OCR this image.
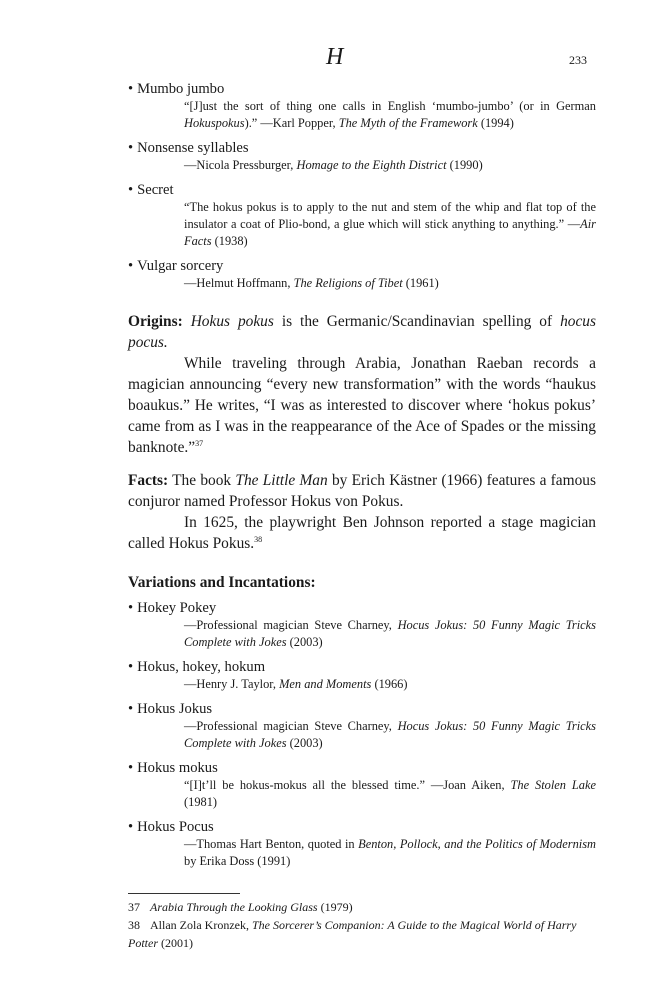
H	233
• Mumbo jumbo
“[J]ust the sort of thing one calls in English ‘mumbo-jumbo’ (or in German Hokuspokus).” —Karl Popper, The Myth of the Framework (1994)
• Nonsense syllables
—Nicola Pressburger, Homage to the Eighth District (1990)
• Secret
“The hokus pokus is to apply to the nut and stem of the whip and flat top of the insulator a coat of Plio-bond, a glue which will stick anything to anything.” —Air Facts (1938)
• Vulgar sorcery
—Helmut Hoffmann, The Religions of Tibet (1961)
Origins: Hokus pokus is the Germanic/Scandinavian spelling of hocus pocus.
While traveling through Arabia, Jonathan Raeban records a magician announcing “every new transformation” with the words “haukus boaukus.” He writes, “I was as interested to discover where ‘hokus pokus’ came from as I was in the reappearance of the Ace of Spades or the missing banknote.”$^{37}$
Facts: The book The Little Man by Erich Kästner (1966) features a famous conjuror named Professor Hokus von Pokus.
In 1625, the playwright Ben Johnson reported a stage magician called Hokus Pokus.$^{38}$
Variations and Incantations:
• Hokey Pokey
—Professional magician Steve Charney, Hocus Jokus: 50 Funny Magic Tricks Complete with Jokes (2003)
• Hokus, hokey, hokum
—Henry J. Taylor, Men and Moments (1966)
• Hokus Jokus
—Professional magician Steve Charney, Hocus Jokus: 50 Funny Magic Tricks Complete with Jokes (2003)
• Hokus mokus
“[I]t’ll be hokus-mokus all the blessed time.” —Joan Aiken, The Stolen Lake (1981)
• Hokus Pocus
—Thomas Hart Benton, quoted in Benton, Pollock, and the Politics of Modernism by Erika Doss (1991)
37 Arabia Through the Looking Glass (1979)
38 Allan Zola Kronzek, The Sorcerer’s Companion: A Guide to the Magical World of Harry Potter (2001)
